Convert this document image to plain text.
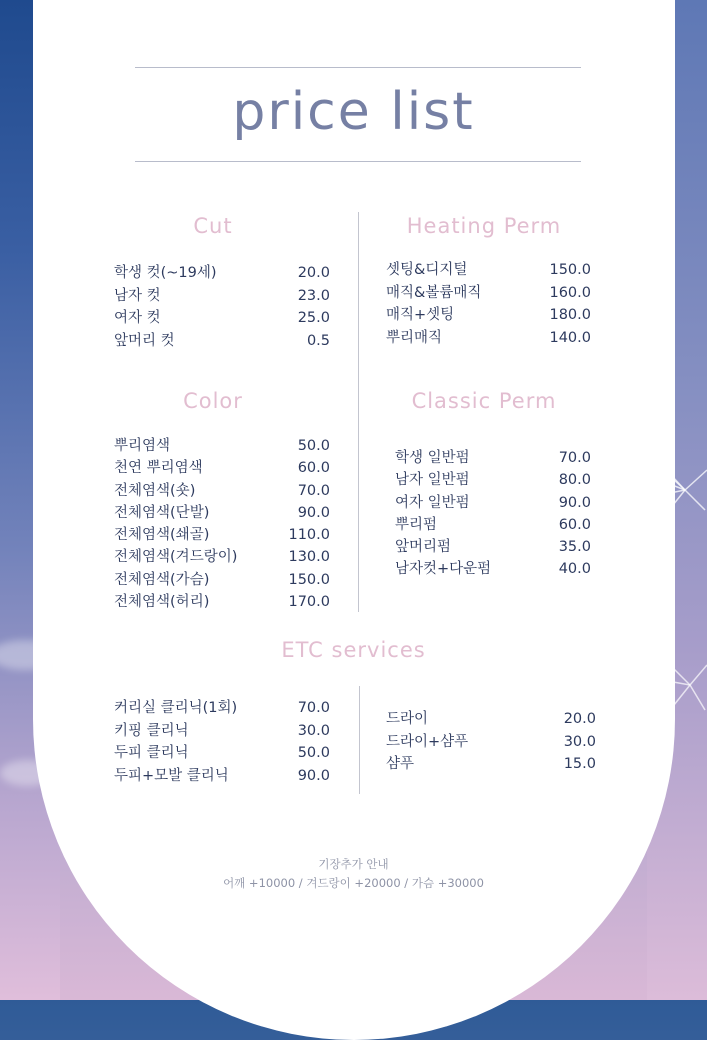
price list
Cut
학생 컷(~19세)	20.0
남자 컷	23.0
여자 컷	25.0
앞머리 컷	0.5
Heating Perm
셋팅&디지털	150.0
매직&볼륨매직	160.0
매직+셋팅	180.0
뿌리매직	140.0
Color
뿌리염색	50.0
천연 뿌리염색	60.0
전체염색(숏)	70.0
전체염색(단발)	90.0
전체염색(쇄골)	110.0
전체염색(겨드랑이)	130.0
전체염색(가슴)	150.0
전체염색(허리)	170.0
Classic Perm
학생 일반펌	70.0
남자 일반펌	80.0
여자 일반펌	90.0
뿌리펌	60.0
앞머리펌	35.0
남자컷+다운펌	40.0
ETC services
커리실 클리닉(1회)	70.0
키핑 클리닉	30.0
두피 클리닉	50.0
두피+모발 클리닉	90.0
드라이	20.0
드라이+샴푸	30.0
샴푸	15.0
기장추가 안내
어깨 +10000 / 겨드랑이 +20000 / 가슴 +30000
